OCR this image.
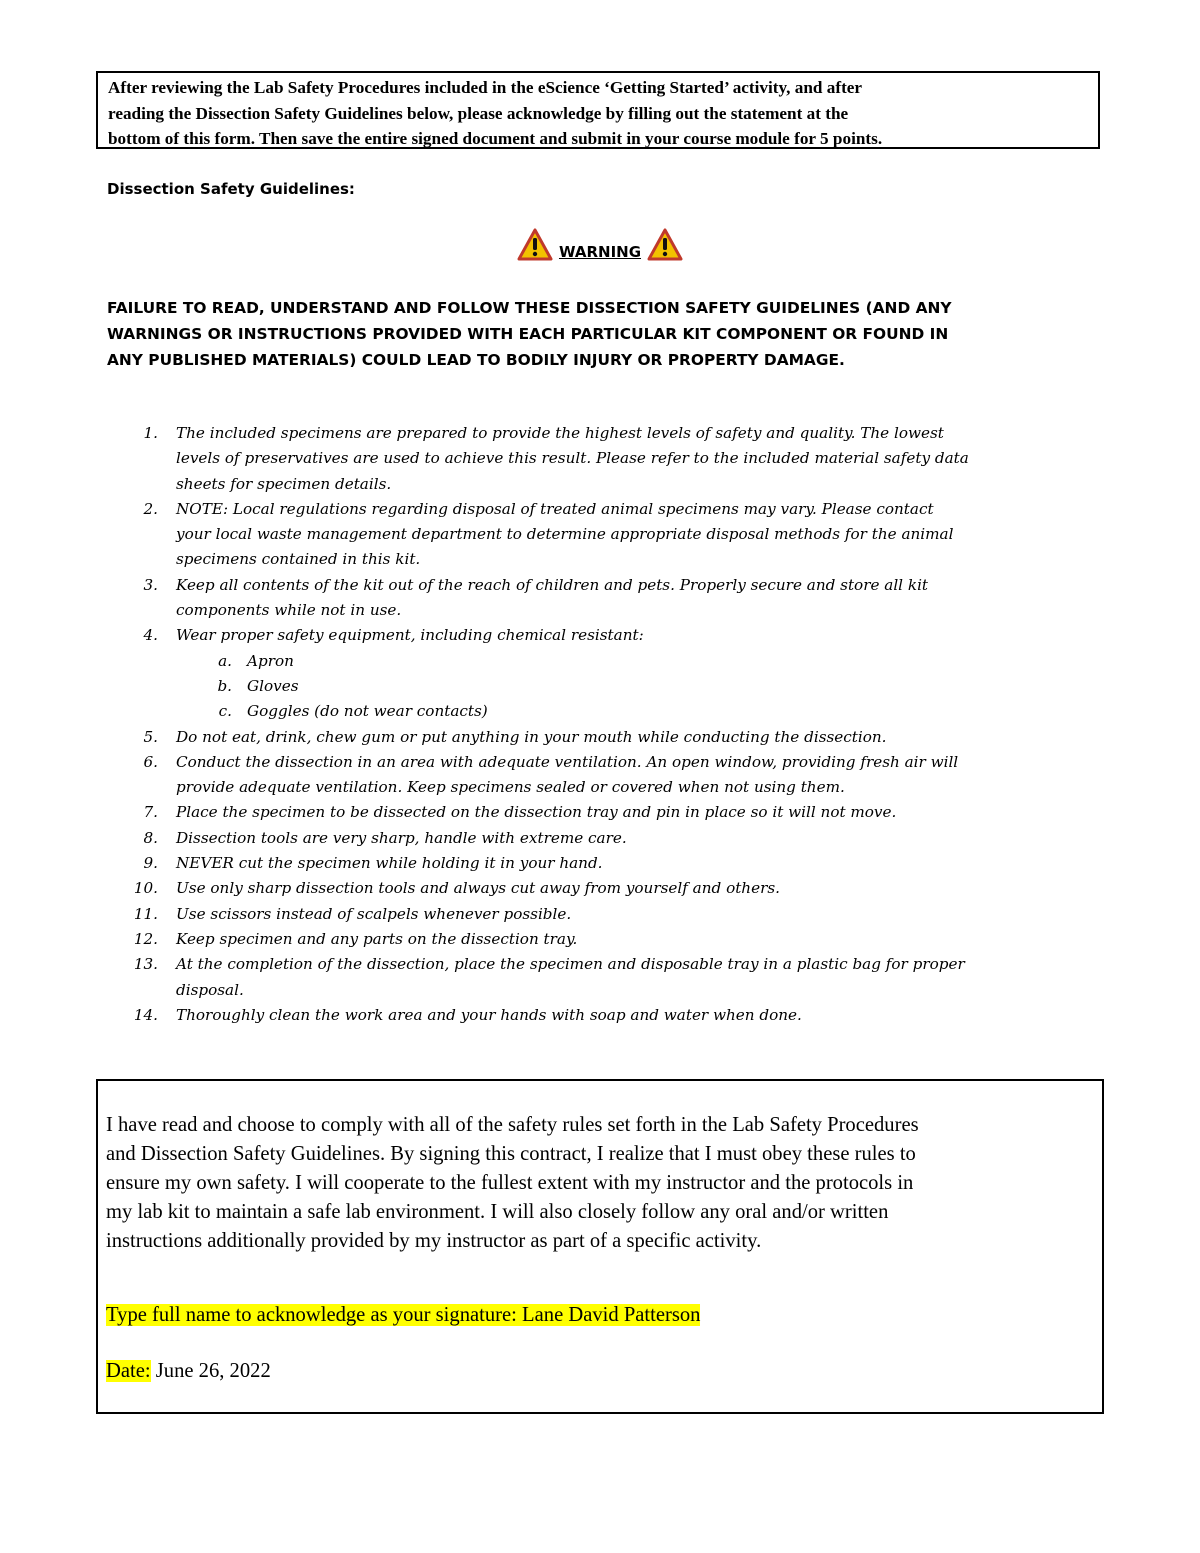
After reviewing the Lab Safety Procedures included in the eScience ‘Getting Started’ activity, and after
reading the Dissection Safety Guidelines below, please acknowledge by filling out the statement at the
bottom of this form. Then save the entire signed document and submit in your course module for 5 points.
Dissection Safety Guidelines:
WARNING
FAILURE TO READ, UNDERSTAND AND FOLLOW THESE DISSECTION SAFETY GUIDELINES (AND ANY
WARNINGS OR INSTRUCTIONS PROVIDED WITH EACH PARTICULAR KIT COMPONENT OR FOUND IN
ANY PUBLISHED MATERIALS) COULD LEAD TO BODILY INJURY OR PROPERTY DAMAGE.
1. The included specimens are prepared to provide the highest levels of safety and quality. The lowest
levels of preservatives are used to achieve this result. Please refer to the included material safety data
sheets for specimen details.
2. NOTE: Local regulations regarding disposal of treated animal specimens may vary. Please contact
your local waste management department to determine appropriate disposal methods for the animal
specimens contained in this kit.
3. Keep all contents of the kit out of the reach of children and pets. Properly secure and store all kit
components while not in use.
4. Wear proper safety equipment, including chemical resistant:
a. Apron
b. Gloves
c. Goggles (do not wear contacts)
5. Do not eat, drink, chew gum or put anything in your mouth while conducting the dissection.
6. Conduct the dissection in an area with adequate ventilation. An open window, providing fresh air will
provide adequate ventilation. Keep specimens sealed or covered when not using them.
7. Place the specimen to be dissected on the dissection tray and pin in place so it will not move.
8. Dissection tools are very sharp, handle with extreme care.
9. NEVER cut the specimen while holding it in your hand.
10. Use only sharp dissection tools and always cut away from yourself and others.
11. Use scissors instead of scalpels whenever possible.
12. Keep specimen and any parts on the dissection tray.
13. At the completion of the dissection, place the specimen and disposable tray in a plastic bag for proper
disposal.
14. Thoroughly clean the work area and your hands with soap and water when done.
I have read and choose to comply with all of the safety rules set forth in the Lab Safety Procedures
and Dissection Safety Guidelines. By signing this contract, I realize that I must obey these rules to
ensure my own safety. I will cooperate to the fullest extent with my instructor and the protocols in
my lab kit to maintain a safe lab environment. I will also closely follow any oral and/or written
instructions additionally provided by my instructor as part of a specific activity.
Type full name to acknowledge as your signature: Lane David Patterson
Date: June 26, 2022
